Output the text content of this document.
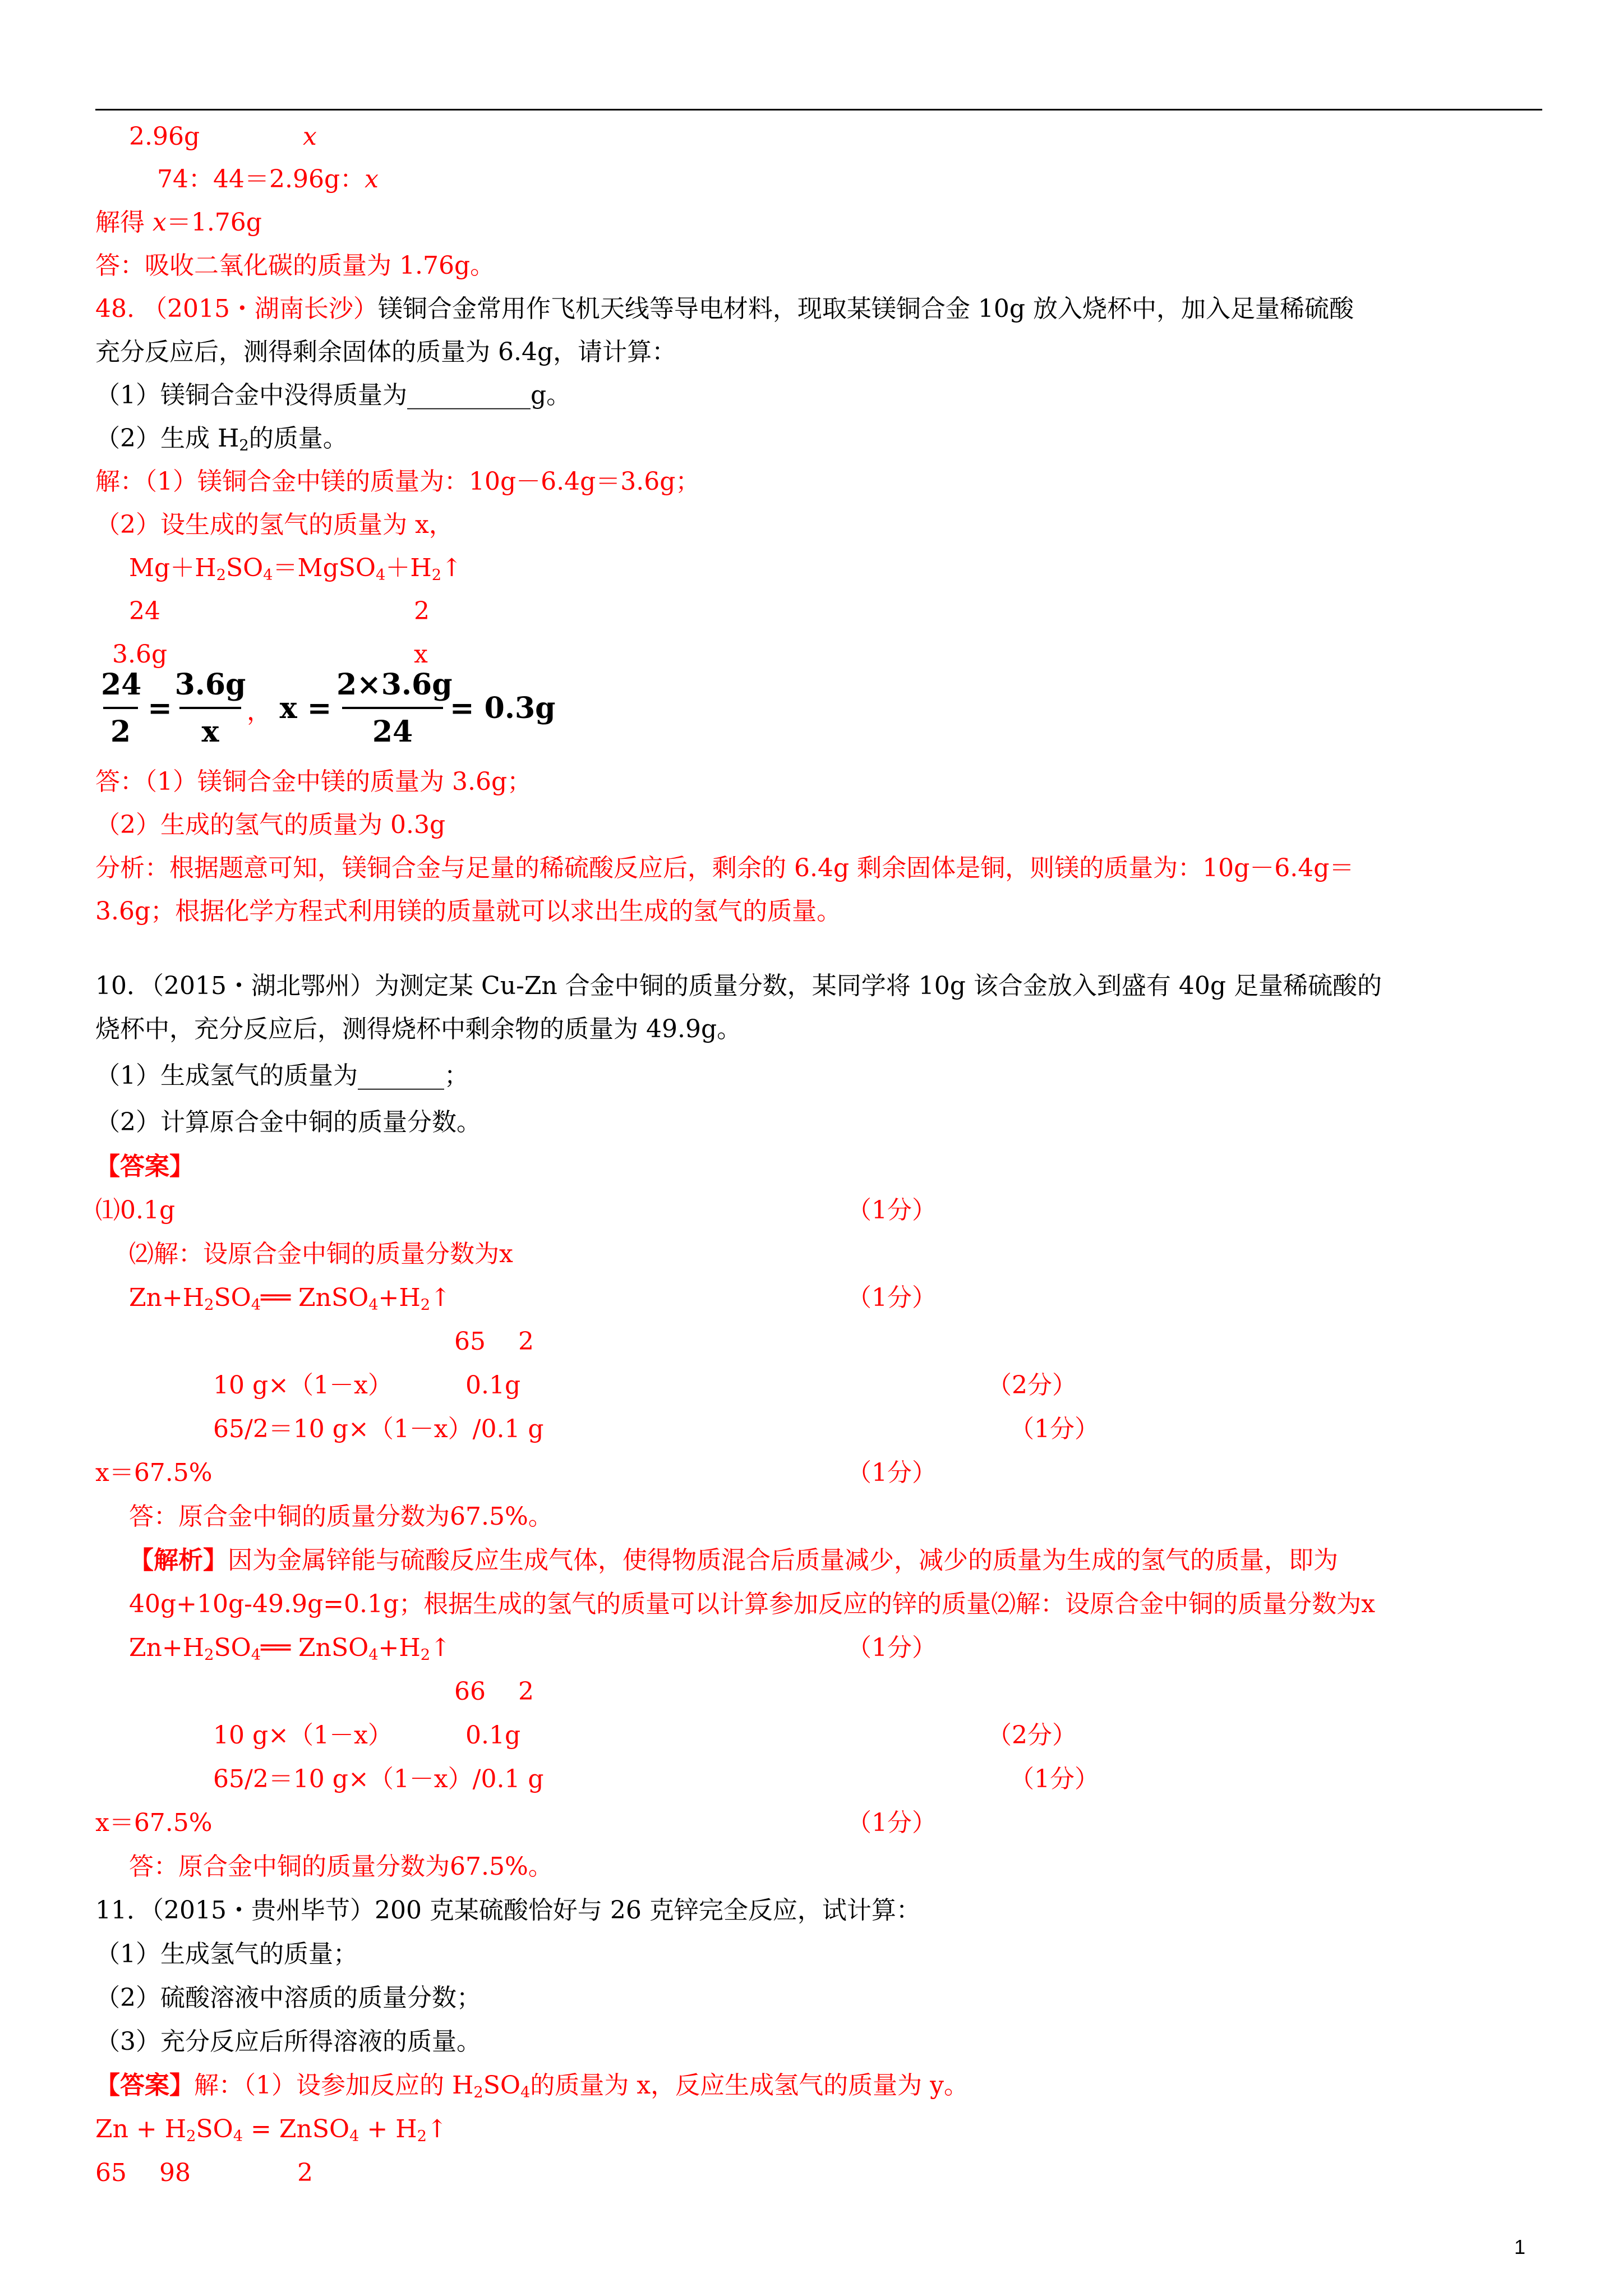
2.96g	x
74：44＝2.96g：x
解得 x＝1.76g
答：吸收二氧化碳的质量为 1.76g。
48. （2015・湖南长沙）镁铜合金常用作飞机天线等导电材料，现取某镁铜合金 10g 放入烧杯中，加入足量稀硫酸
充分反应后，测得剩余固体的质量为 6.4g，请计算：
（1）镁铜合金中没得质量为__________g。
（2）生成 $H_2$的质量。
解：（1）镁铜合金中镁的质量为：10g－6.4g＝3.6g；
（2）设生成的氢气的质量为 x，
$Mg+H_2SO_4=MgSO_4+H_2↑$
24	2
3.6g	x
24
2
=
3.6g
x
， x =
2×3.6g
24
= 0.3g
答：（1）镁铜合金中镁的质量为 3.6g；
（2）生成的氢气的质量为 0.3g
分析：根据题意可知，镁铜合金与足量的稀硫酸反应后，剩余的 6.4g 剩余固体是铜，则镁的质量为：10g－6.4g＝
3.6g；根据化学方程式利用镁的质量就可以求出生成的氢气的质量。
10．（2015・湖北鄂州）为测定某 Cu-Zn 合金中铜的质量分数，某同学将 10g 该合金放入到盛有 40g 足量稀硫酸的
烧杯中，充分反应后，测得烧杯中剩余物的质量为 49.9g。
（1）生成氢气的质量为_______；
（2）计算原合金中铜的质量分数。
【答案】
⑴0.1g	（1分）
⑵解：设原合金中铜的质量分数为x
$Zn+H_2SO_4══$ $ZnSO_4+H_2↑$	（1分）
65　 2
10 g×（1－x）	0.1g	（2分）
65/2＝10 g×（1－x）/0.1 g	（1分）
x＝67.5%	（1分）
答：原合金中铜的质量分数为67.5%。
【解析】因为金属锌能与硫酸反应生成气体，使得物质混合后质量减少，减少的质量为生成的氢气的质量，即为
40g+10g-49.9g=0.1g；根据生成的氢气的质量可以计算参加反应的锌的质量⑵解：设原合金中铜的质量分数为x
$Zn+H_2SO_4══$ $ZnSO_4+H_2↑$	（1分）
66　 2
10 g×（1－x）	0.1g	（2分）
65/2＝10 g×（1－x）/0.1 g	（1分）
x＝67.5%	（1分）
答：原合金中铜的质量分数为67.5%。
11．（2015・贵州毕节）200 克某硫酸恰好与 26 克锌完全反应，试计算：
（1）生成氢气的质量；
（2）硫酸溶液中溶质的质量分数；
（3）充分反应后所得溶液的质量。
【答案】解：（1）设参加反应的 $H_2SO_4$的质量为 x，反应生成氢气的质量为 y。
$Zn + H_2SO_4$ = ZnSO$_4$ + $H_2↑$
65　 98　　　　 2
1
